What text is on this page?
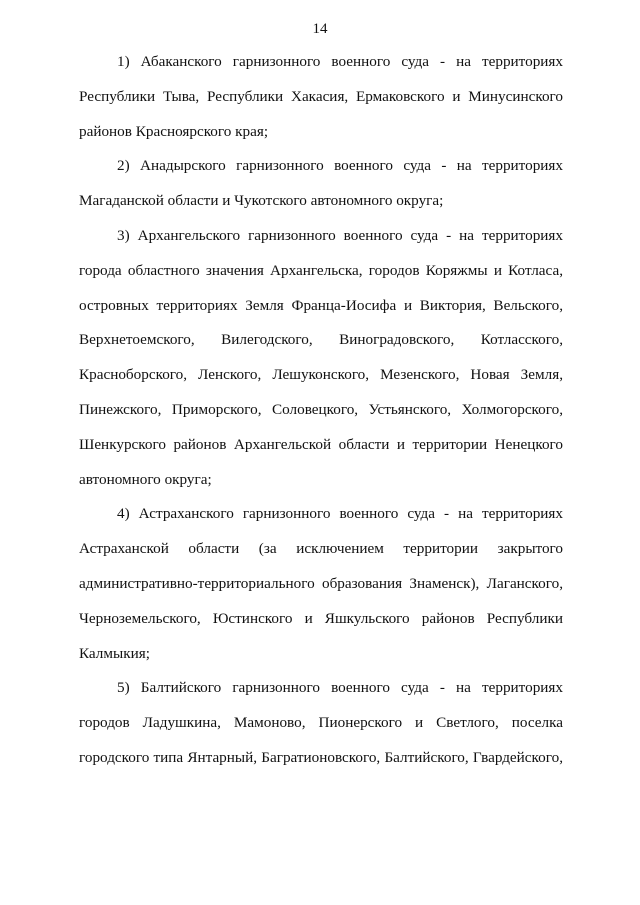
14
1) Абаканского гарнизонного военного суда - на территориях
Республики Тыва, Республики Хакасия, Ермаковского и Минусинского
районов Красноярского края;
2) Анадырского гарнизонного военного суда - на территориях
Магаданской области и Чукотского автономного округа;
3) Архангельского гарнизонного военного суда - на территориях
города областного значения Архангельска, городов Коряжмы и Котласа,
островных территориях Земля Франца-Иосифа и Виктория, Вельского,
Верхнетоемского, Вилегодского, Виноградовского, Котласского,
Красноборского, Ленского, Лешуконского, Мезенского, Новая Земля,
Пинежского, Приморского, Соловецкого, Устьянского, Холмогорского,
Шенкурского районов Архангельской области и территории Ненецкого
автономного округа;
4) Астраханского гарнизонного военного суда - на территориях
Астраханской области (за исключением территории закрытого
административно-территориального образования Знаменск), Лаганского,
Черноземельского, Юстинского и Яшкульского районов Республики
Калмыкия;
5) Балтийского гарнизонного военного суда - на территориях
городов Ладушкина, Мамоново, Пионерского и Светлого, поселка
городского типа Янтарный, Багратионовского, Балтийского, Гвардейского,
